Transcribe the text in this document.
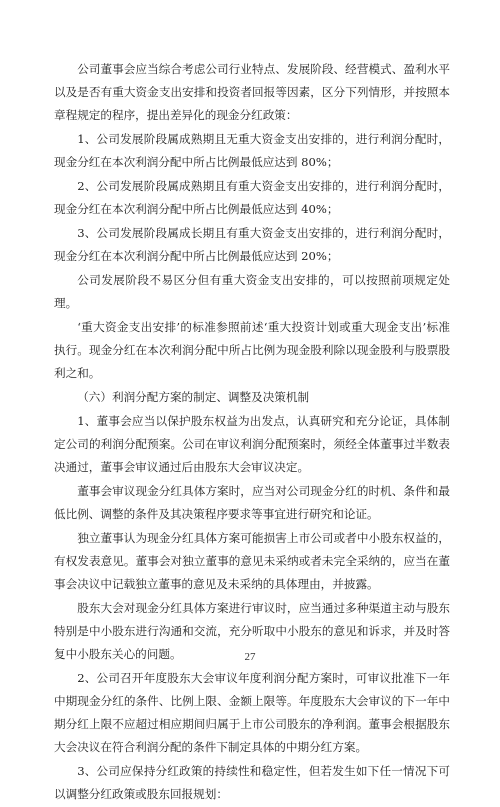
公司董事会应当综合考虑公司行业特点、发展阶段、经营模式、盈利水平以及是否有重大资金支出安排和投资者回报等因素，区分下列情形，并按照本章程规定的程序，提出差异化的现金分红政策：

1、公司发展阶段属成熟期且无重大资金支出安排的，进行利润分配时，现金分红在本次利润分配中所占比例最低应达到 80%；

2、公司发展阶段属成熟期且有重大资金支出安排的，进行利润分配时，现金分红在本次利润分配中所占比例最低应达到 40%；

3、公司发展阶段属成长期且有重大资金支出安排的，进行利润分配时，现金分红在本次利润分配中所占比例最低应达到 20%；

公司发展阶段不易区分但有重大资金支出安排的，可以按照前项规定处理。

‘重大资金支出安排’的标准参照前述‘重大投资计划或重大现金支出’标准执行。现金分红在本次利润分配中所占比例为现金股利除以现金股利与股票股利之和。

（六）利润分配方案的制定、调整及决策机制

1、董事会应当以保护股东权益为出发点，认真研究和充分论证，具体制定公司的利润分配预案。公司在审议利润分配预案时，须经全体董事过半数表决通过，董事会审议通过后由股东大会审议决定。

董事会审议现金分红具体方案时，应当对公司现金分红的时机、条件和最低比例、调整的条件及其决策程序要求等事宜进行研究和论证。

独立董事认为现金分红具体方案可能损害上市公司或者中小股东权益的，有权发表意见。董事会对独立董事的意见未采纳或者未完全采纳的，应当在董事会决议中记载独立董事的意见及未采纳的具体理由，并披露。

股东大会对现金分红具体方案进行审议时，应当通过多种渠道主动与股东特别是中小股东进行沟通和交流，充分听取中小股东的意见和诉求，并及时答复中小股东关心的问题。

2、公司召开年度股东大会审议年度利润分配方案时，可审议批准下一年中期现金分红的条件、比例上限、金额上限等。年度股东大会审议的下一年中期分红上限不应超过相应期间归属于上市公司股东的净利润。董事会根据股东大会决议在符合利润分配的条件下制定具体的中期分红方案。

3、公司应保持分红政策的持续性和稳定性，但若发生如下任一情况下可以调整分红政策或股东回报规划：

27
